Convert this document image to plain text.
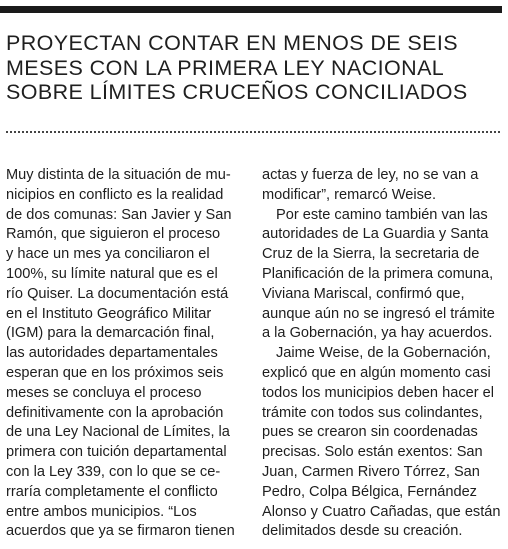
PROYECTAN CONTAR EN MENOS DE SEIS
MESES CON LA PRIMERA LEY NACIONAL
SOBRE LÍMITES CRUCEÑOS CONCILIADOS
Muy distinta de la situación de mu-
nicipios en conflicto es la realidad
de dos comunas: San Javier y San
Ramón, que siguieron el proceso
y hace un mes ya conciliaron el
100%, su límite natural que es el
río Quiser. La documentación está
en el Instituto Geográfico Militar
(IGM) para la demarcación final,
las autoridades departamentales
esperan que en los próximos seis
meses se concluya el proceso
definitivamente con la aprobación
de una Ley Nacional de Límites, la
primera con tuición departamental
con la Ley 339, con lo que se ce-
rraría completamente el conflicto
entre ambos municipios. “Los
acuerdos que ya se firmaron tienen
actas y fuerza de ley, no se van a
modificar”, remarcó Weise.
Por este camino también van las
autoridades de La Guardia y Santa
Cruz de la Sierra, la secretaria de
Planificación de la primera comuna,
Viviana Mariscal, confirmó que,
aunque aún no se ingresó el trámite
a la Gobernación, ya hay acuerdos.
Jaime Weise, de la Gobernación,
explicó que en algún momento casi
todos los municipios deben hacer el
trámite con todos sus colindantes,
pues se crearon sin coordenadas
precisas. Solo están exentos: San
Juan, Carmen Rivero Tórrez, San
Pedro, Colpa Bélgica, Fernández
Alonso y Cuatro Cañadas, que están
delimitados desde su creación.
